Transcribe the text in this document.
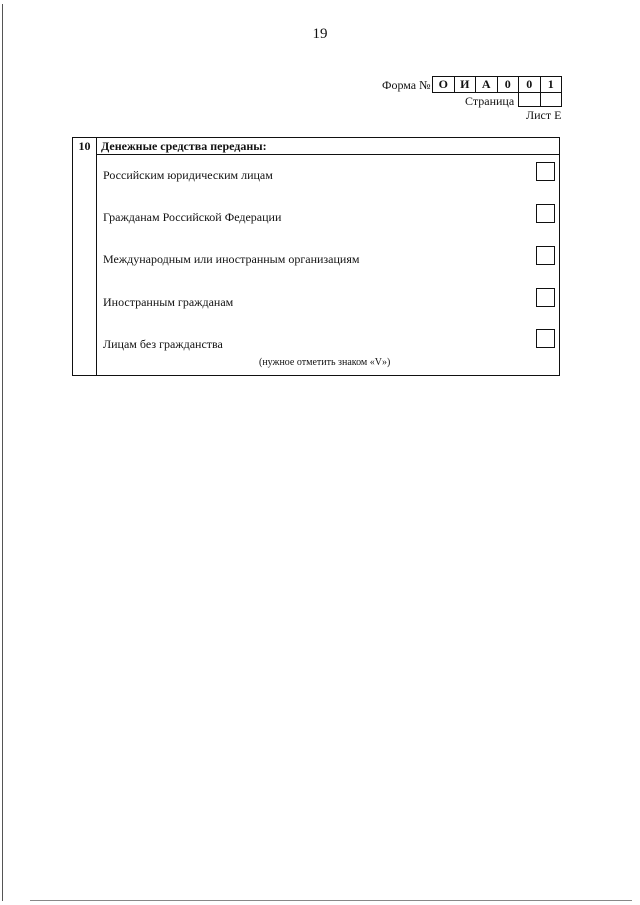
19
Форма № О	И	А	0	0	1
Страница
Лист Е
10 Денежные средства переданы:
Российским юридическим лицам
Гражданам Российской Федерации
Международным или иностранным организациям
Иностранным гражданам
Лицам без гражданства
(нужное отметить знаком «V»)
